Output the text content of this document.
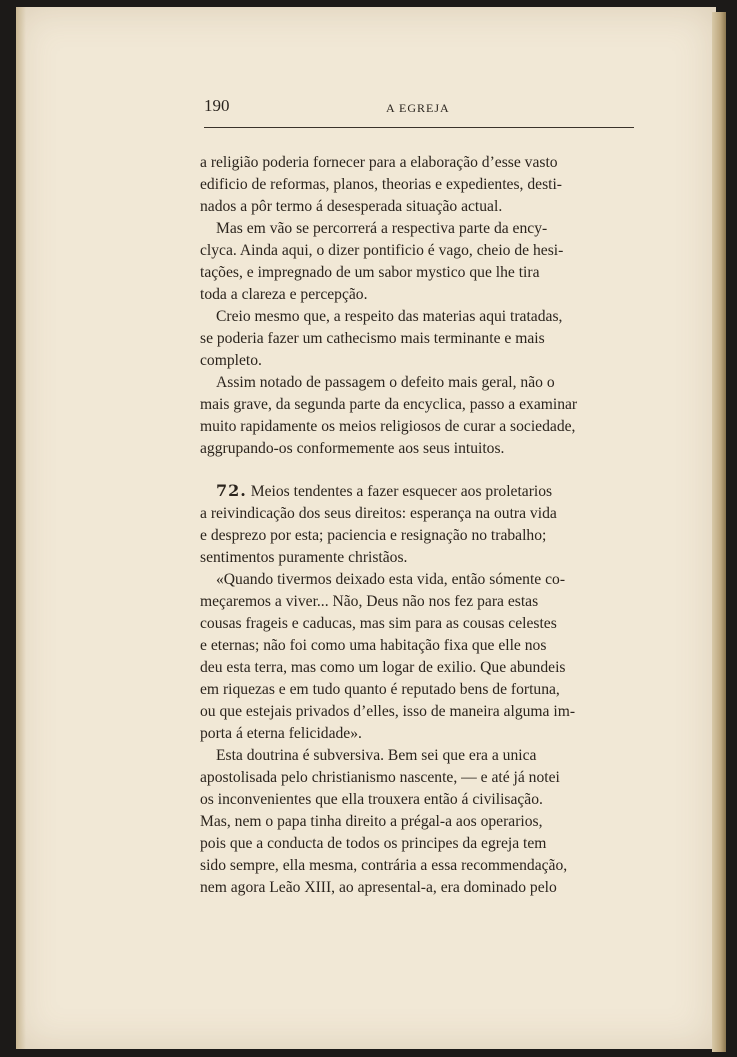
190	A EGREJA

a religião poderia fornecer para a elaboração d’esse vasto
edificio de reformas, planos, theorias e expedientes, desti-
nados a pôr termo á desesperada situação actual.

Mas em vão se percorrerá a respectiva parte da ency-
clyca. Ainda aqui, o dizer pontificio é vago, cheio de hesi-
tações, e impregnado de um sabor mystico que lhe tira
toda a clareza e percepção.

Creio mesmo que, a respeito das materias aqui tratadas,
se poderia fazer um cathecismo mais terminante e mais
completo.

Assim notado de passagem o defeito mais geral, não o
mais grave, da segunda parte da encyclica, passo a examinar
muito rapidamente os meios religiosos de curar a sociedade,
aggrupando-os conformemente aos seus intuitos.

72. Meios tendentes a fazer esquecer aos proletarios
a reivindicação dos seus direitos: esperança na outra vida
e desprezo por esta; paciencia e resignação no trabalho;
sentimentos puramente christãos.

«Quando tivermos deixado esta vida, então sómente co-
meçaremos a viver... Não, Deus não nos fez para estas
cousas frageis e caducas, mas sim para as cousas celestes
e eternas; não foi como uma habitação fixa que elle nos
deu esta terra, mas como um logar de exilio. Que abundeis
em riquezas e em tudo quanto é reputado bens de fortuna,
ou que estejais privados d’elles, isso de maneira alguma im-
porta á eterna felicidade».

Esta doutrina é subversiva. Bem sei que era a unica
apostolisada pelo christianismo nascente, — e até já notei
os inconvenientes que ella trouxera então á civilisação.
Mas, nem o papa tinha direito a prégal-a aos operarios,
pois que a conducta de todos os principes da egreja tem
sido sempre, ella mesma, contrária a essa recommendação,
nem agora Leão XIII, ao apresental-a, era dominado pelo
